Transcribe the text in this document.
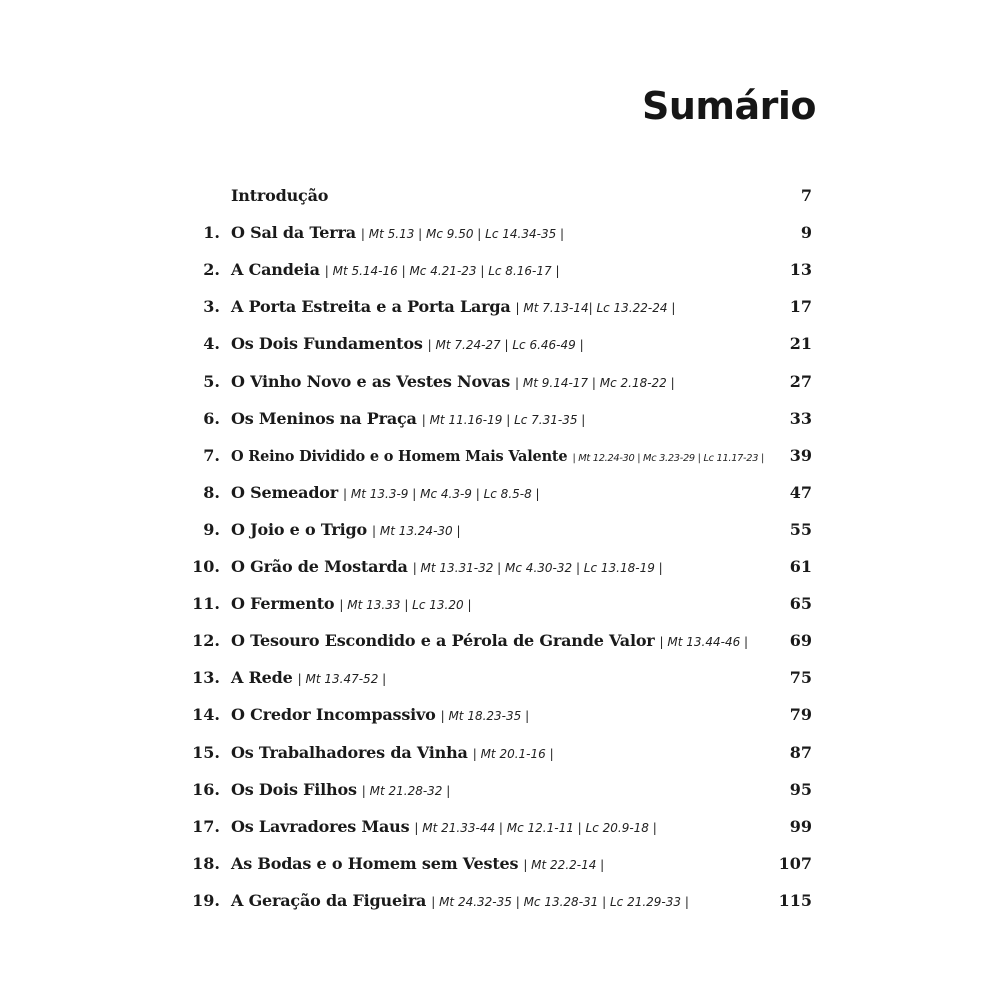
Sumário
Introdução	7
1. O Sal da Terra | Mt 5.13 | Mc 9.50 | Lc 14.34-35 |	9
2. A Candeia | Mt 5.14-16 | Mc 4.21-23 | Lc 8.16-17 |	13
3. A Porta Estreita e a Porta Larga | Mt 7.13-14| Lc 13.22-24 |	17
4. Os Dois Fundamentos | Mt 7.24-27 | Lc 6.46-49 |	21
5. O Vinho Novo e as Vestes Novas | Mt 9.14-17 | Mc 2.18-22 |	27
6. Os Meninos na Praça | Mt 11.16-19 | Lc 7.31-35 |	33
7. O Reino Dividido e o Homem Mais Valente | Mt 12.24-30 | Mc 3.23-29 | Lc 11.17-23 | 39
8. O Semeador | Mt 13.3-9 | Mc 4.3-9 | Lc 8.5-8 |	47
9. O Joio e o Trigo | Mt 13.24-30 |	55
10. O Grão de Mostarda | Mt 13.31-32 | Mc 4.30-32 | Lc 13.18-19 |	61
11. O Fermento | Mt 13.33 | Lc 13.20 |	65
12. O Tesouro Escondido e a Pérola de Grande Valor | Mt 13.44-46 |	69
13. A Rede | Mt 13.47-52 |	75
14. O Credor Incompassivo | Mt 18.23-35 |	79
15. Os Trabalhadores da Vinha | Mt 20.1-16 |	87
16. Os Dois Filhos | Mt 21.28-32 |	95
17. Os Lavradores Maus | Mt 21.33-44 | Mc 12.1-11 | Lc 20.9-18 |	99
18. As Bodas e o Homem sem Vestes | Mt 22.2-14 |	107
19. A Geração da Figueira | Mt 24.32-35 | Mc 13.28-31 | Lc 21.29-33 |	115
